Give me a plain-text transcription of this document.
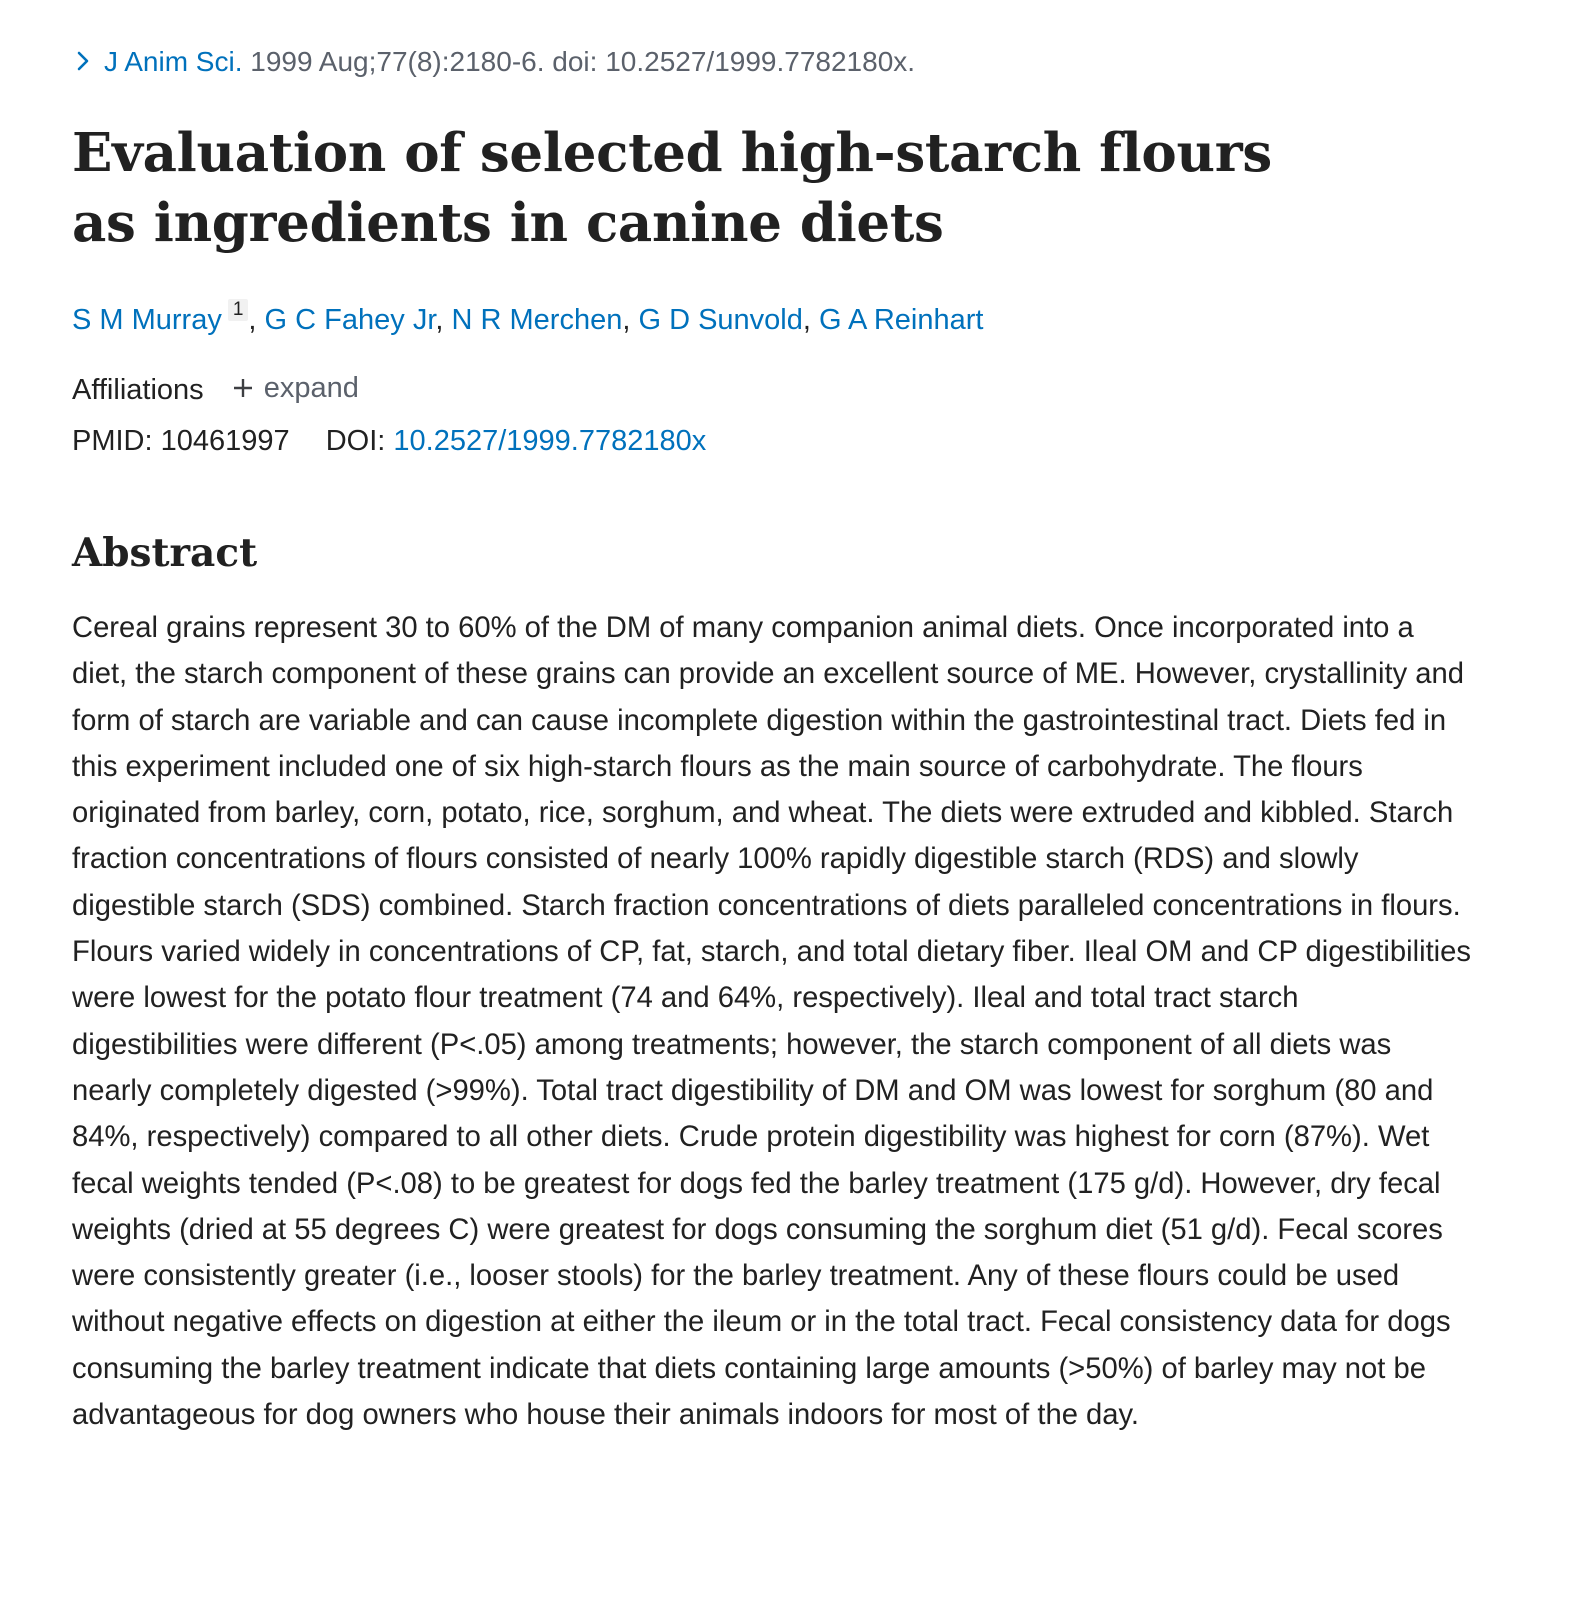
J Anim Sci. 1999 Aug;77(8):2180-6. doi: 10.2527/1999.7782180x.
Evaluation of selected high-starch flours as ingredients in canine diets
S M Murray 1 , G C Fahey Jr, N R Merchen, G D Sunvold, G A Reinhart
Affiliations expand
PMID: 10461997 DOI: 10.2527/1999.7782180x
Abstract

Cereal grains represent 30 to 60% of the DM of many companion animal diets. Once incorporated into a diet, the starch component of these grains can provide an excellent source of ME. However, crystallinity and form of starch are variable and can cause incomplete digestion within the gastrointestinal tract. Diets fed in this experiment included one of six high-starch flours as the main source of carbohydrate. The flours originated from barley, corn, potato, rice, sorghum, and wheat. The diets were extruded and kibbled. Starch fraction concentrations of flours consisted of nearly 100% rapidly digestible starch (RDS) and slowly digestible starch (SDS) combined. Starch fraction concentrations of diets paralleled concentrations in flours. Flours varied widely in concentrations of CP, fat, starch, and total dietary fiber. Ileal OM and CP digestibilities were lowest for the potato flour treatment (74 and 64%, respectively). Ileal and total tract starch digestibilities were different (P<.05) among treatments; however, the starch component of all diets was nearly completely digested (>99%). Total tract digestibility of DM and OM was lowest for sorghum (80 and 84%, respectively) compared to all other diets. Crude protein digestibility was highest for corn (87%). Wet fecal weights tended (P<.08) to be greatest for dogs fed the barley treatment (175 g/d). However, dry fecal weights (dried at 55 degrees C) were greatest for dogs consuming the sorghum diet (51 g/d). Fecal scores were consistently greater (i.e., looser stools) for the barley treatment. Any of these flours could be used without negative effects on digestion at either the ileum or in the total tract. Fecal consistency data for dogs consuming the barley treatment indicate that diets containing large amounts (>50%) of barley may not be advantageous for dog owners who house their animals indoors for most of the day.
